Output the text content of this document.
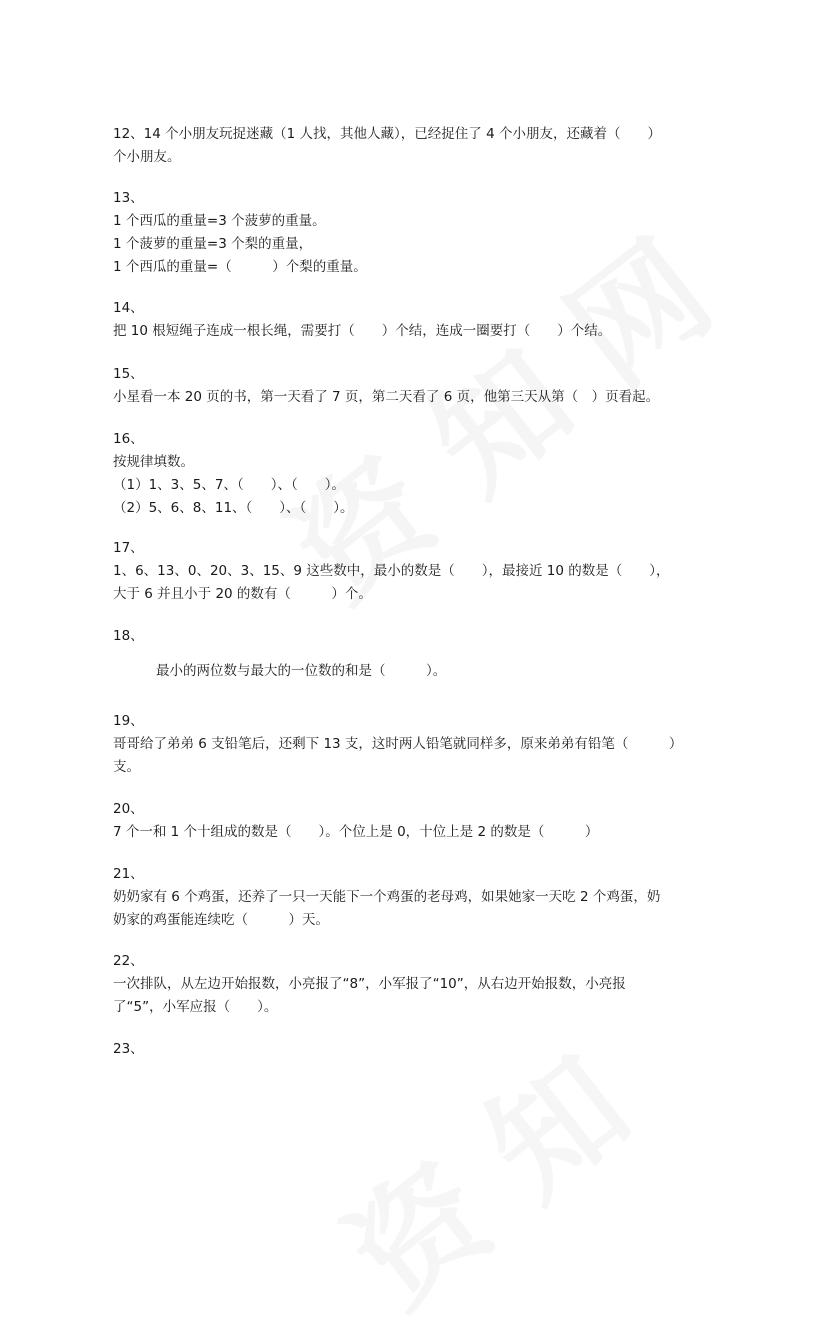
12、14 个小朋友玩捉迷藏（1 人找，其他人藏），已经捉住了 4 个小朋友，还藏着（　　）
个小朋友。
13、
1 个西瓜的重量=3 个菠萝的重量。
1 个菠萝的重量=3 个梨的重量，
1 个西瓜的重量=（　　　）个梨的重量。
14、
把 10 根短绳子连成一根长绳，需要打（　　）个结，连成一圈要打（　　）个结。
15、
小星看一本 20 页的书，第一天看了 7 页，第二天看了 6 页，他第三天从第（　）页看起。
16、
按规律填数。
（1）1、3、5、7、（　　）、（　　）。
（2）5、6、8、11、（　　）、（　　）。
17、
1、6、13、0、20、3、15、9 这些数中，最小的数是（　　），最接近 10 的数是（　　），
大于 6 并且小于 20 的数有（　　　）个。
18、
最小的两位数与最大的一位数的和是（　　　）。
19、
哥哥给了弟弟 6 支铅笔后，还剩下 13 支，这时两人铅笔就同样多，原来弟弟有铅笔（　　　）
支。
20、
7 个一和 1 个十组成的数是（　　）。个位上是 0，十位上是 2 的数是（　　　）
21、
奶奶家有 6 个鸡蛋，还养了一只一天能下一个鸡蛋的老母鸡，如果她家一天吃 2 个鸡蛋，奶
奶家的鸡蛋能连续吃（　　　）天。
22、
一次排队，从左边开始报数，小亮报了“8”，小军报了“10”，从右边开始报数，小亮报
了“5”，小军应报（　　）。
23、
